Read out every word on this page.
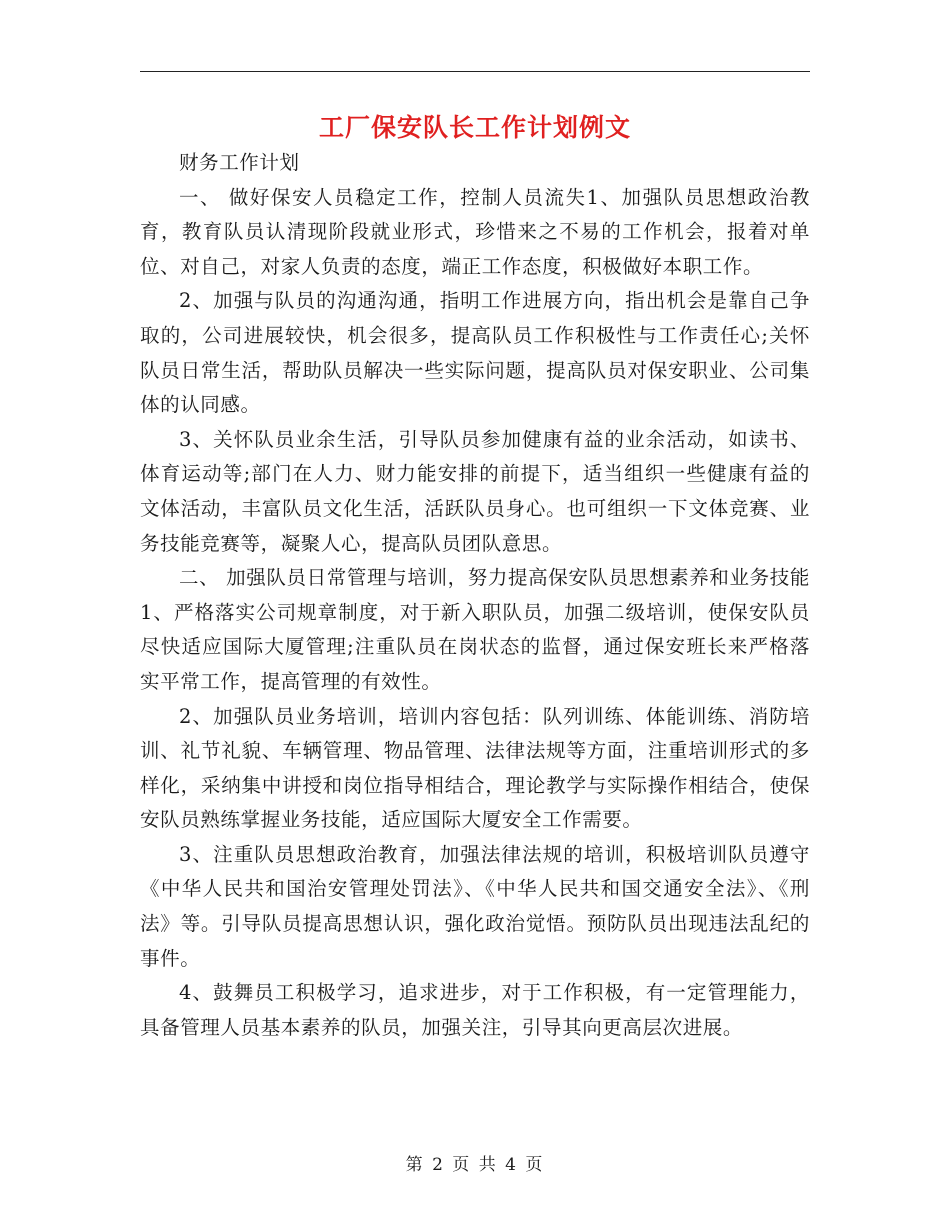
工厂保安队长工作计划例文

财务工作计划

一、 做好保安人员稳定工作，控制人员流失1、加强队员思想政治教育，教育队员认清现阶段就业形式，珍惜来之不易的工作机会，报着对单位、对自己，对家人负责的态度，端正工作态度，积极做好本职工作。

2、加强与队员的沟通沟通，指明工作进展方向，指出机会是靠自己争取的，公司进展较快，机会很多，提高队员工作积极性与工作责任心;关怀队员日常生活，帮助队员解决一些实际问题，提高队员对保安职业、公司集体的认同感。

3、关怀队员业余生活，引导队员参加健康有益的业余活动，如读书、体育运动等;部门在人力、财力能安排的前提下，适当组织一些健康有益的文体活动，丰富队员文化生活，活跃队员身心。也可组织一下文体竞赛、业务技能竞赛等，凝聚人心，提高队员团队意思。

二、 加强队员日常管理与培训，努力提高保安队员思想素养和业务技能1、严格落实公司规章制度，对于新入职队员，加强二级培训，使保安队员尽快适应国际大厦管理;注重队员在岗状态的监督，通过保安班长来严格落实平常工作，提高管理的有效性。

2、加强队员业务培训，培训内容包括：队列训练、体能训练、消防培训、礼节礼貌、车辆管理、物品管理、法律法规等方面，注重培训形式的多样化，采纳集中讲授和岗位指导相结合，理论教学与实际操作相结合，使保安队员熟练掌握业务技能，适应国际大厦安全工作需要。

3、注重队员思想政治教育，加强法律法规的培训，积极培训队员遵守《中华人民共和国治安管理处罚法》、《中华人民共和国交通安全法》、《刑法》等。引导队员提高思想认识，强化政治觉悟。预防队员出现违法乱纪的事件。

4、鼓舞员工积极学习，追求进步，对于工作积极，有一定管理能力，具备管理人员基本素养的队员，加强关注，引导其向更高层次进展。

第 2 页 共 4 页
